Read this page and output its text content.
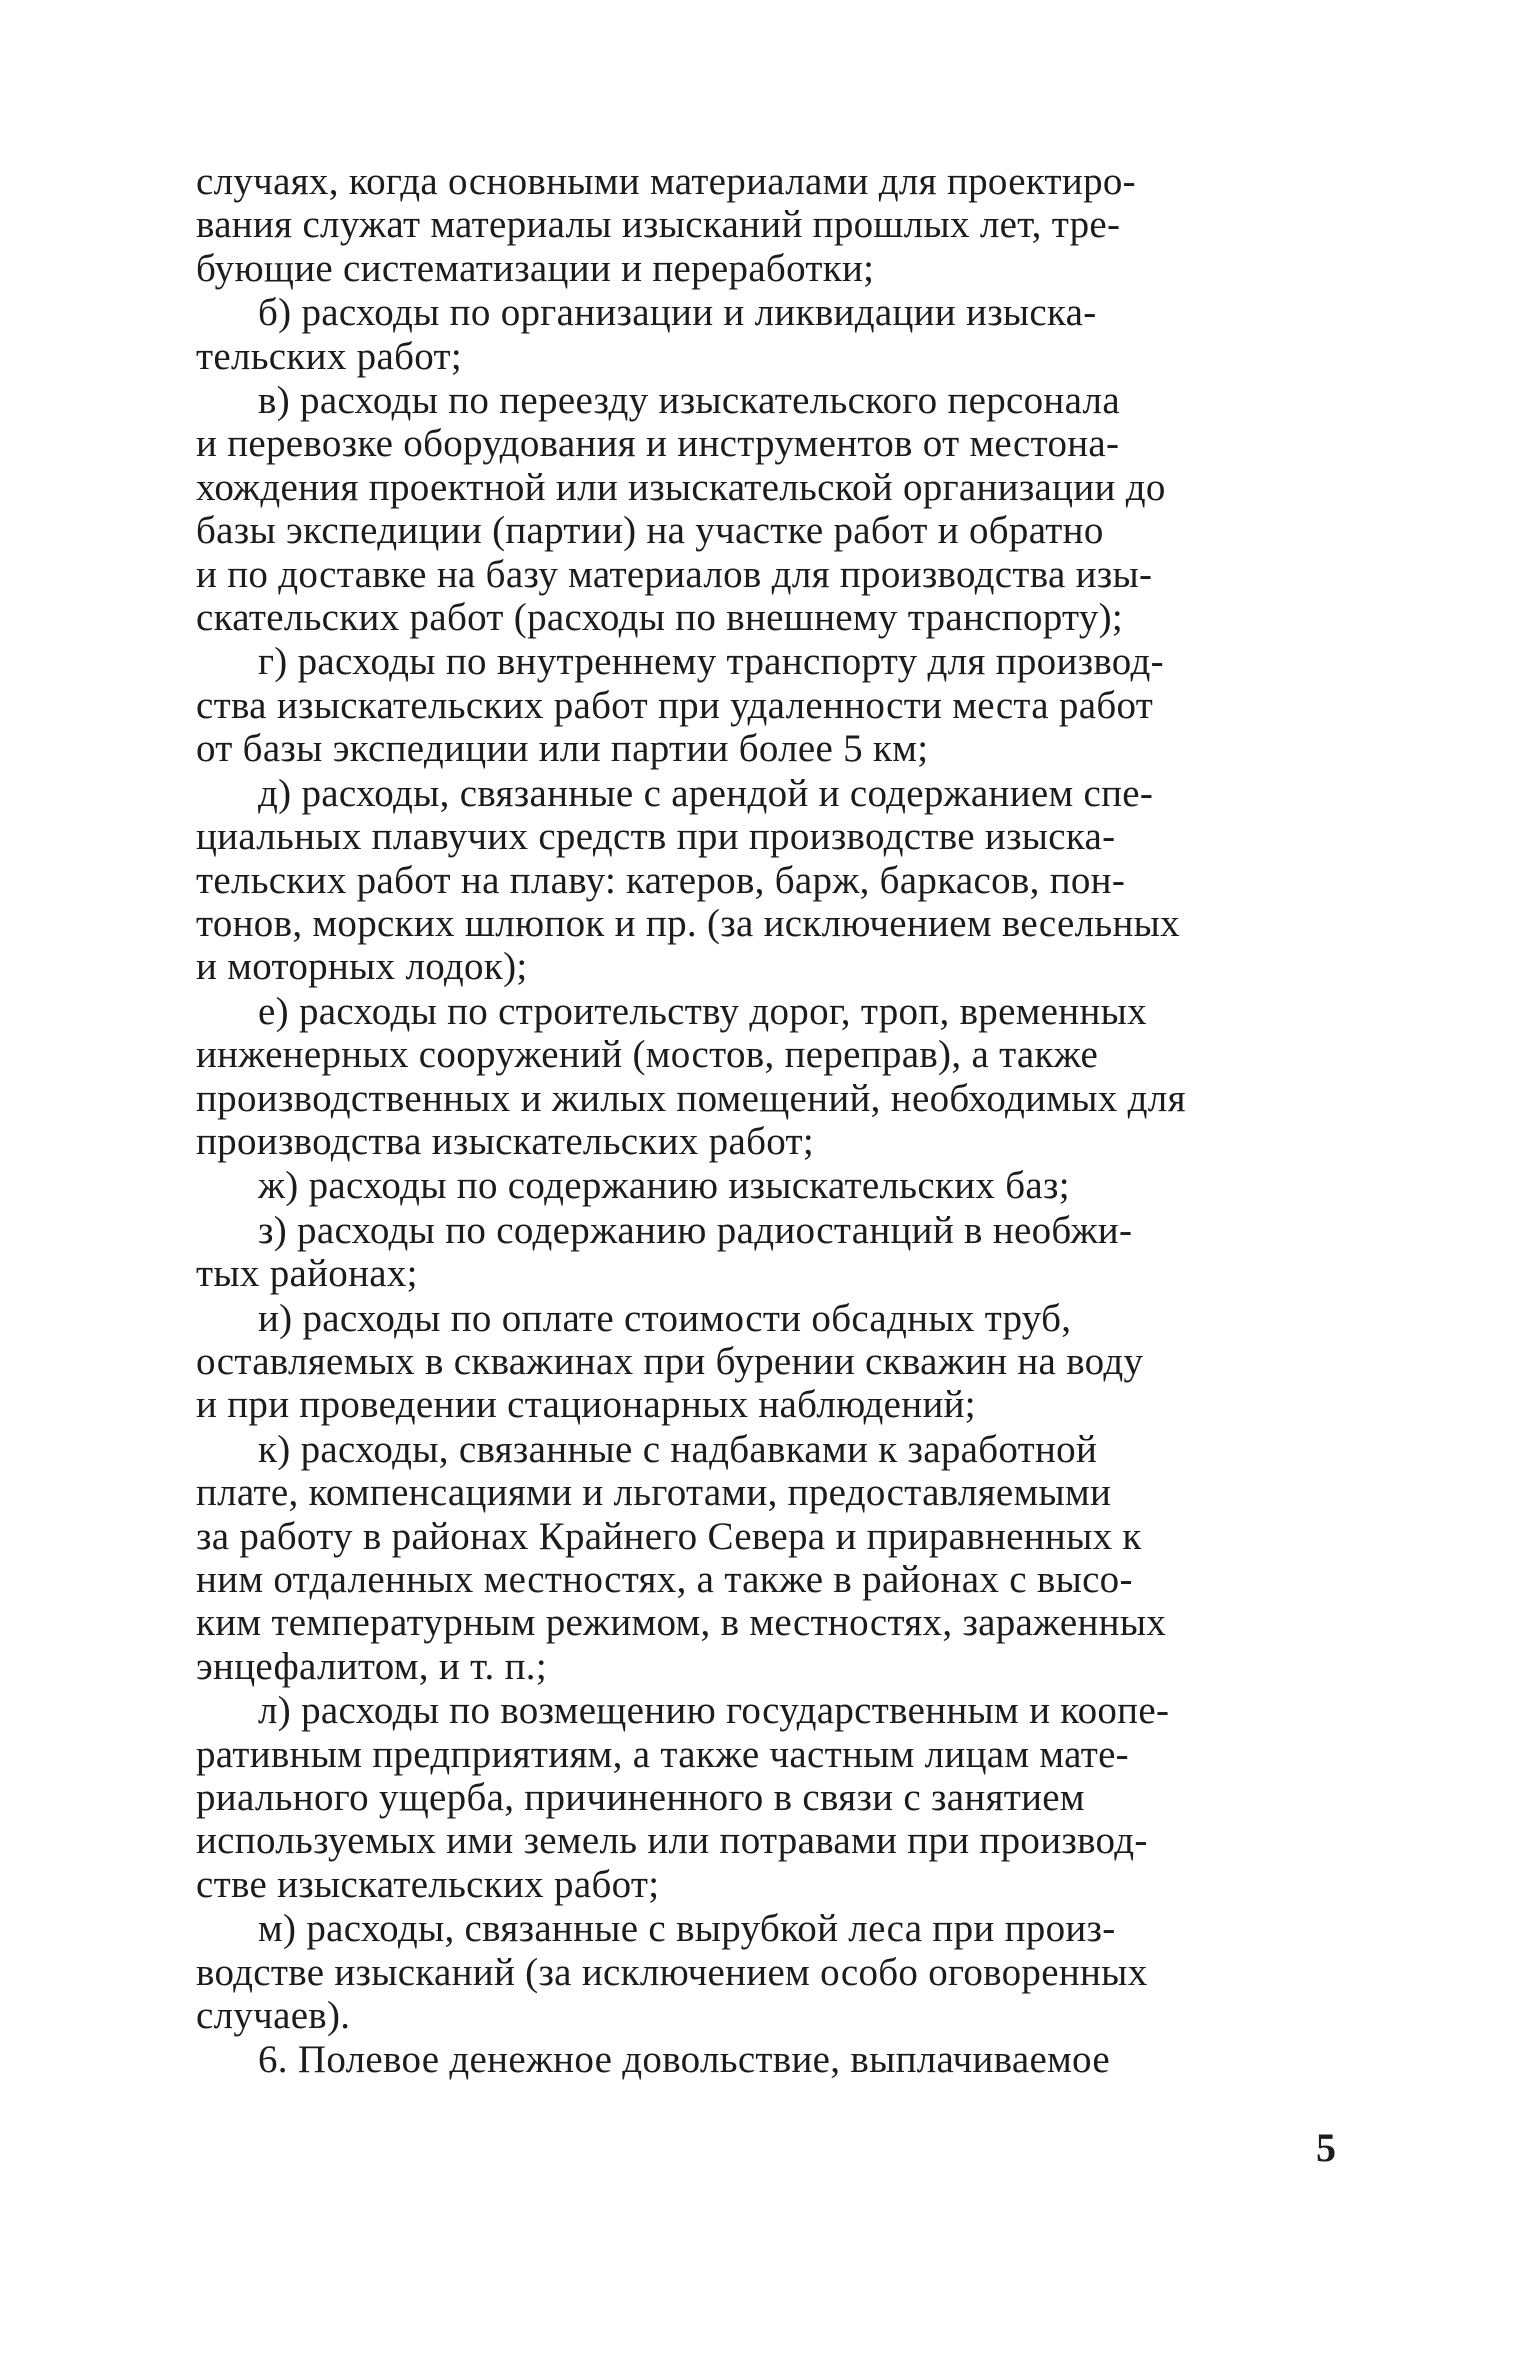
случаях, когда основными материалами для проектиро-
вания служат материалы изысканий прошлых лет, тре-
бующие систематизации и переработки;
б) расходы по организации и ликвидации изыска-
тельских работ;
в) расходы по переезду изыскательского персонала
и перевозке оборудования и инструментов от местона-
хождения проектной или изыскательской организации до
базы экспедиции (партии) на участке работ и обратно
и по доставке на базу материалов для производства изы-
скательских работ (расходы по внешнему транспорту);
г) расходы по внутреннему транспорту для производ-
ства изыскательских работ при удаленности места работ
от базы экспедиции или партии более 5 км;
д) расходы, связанные с арендой и содержанием спе-
циальных плавучих средств при производстве изыска-
тельских работ на плаву: катеров, барж, баркасов, пон-
тонов, морских шлюпок и пр. (за исключением весельных
и моторных лодок);
е) расходы по строительству дорог, троп, временных
инженерных сооружений (мостов, переправ), а также
производственных и жилых помещений, необходимых для
производства изыскательских работ;
ж) расходы по содержанию изыскательских баз;
з) расходы по содержанию радиостанций в необжи-
тых районах;
и) расходы по оплате стоимости обсадных труб,
оставляемых в скважинах при бурении скважин на воду
и при проведении стационарных наблюдений;
к) расходы, связанные с надбавками к заработной
плате, компенсациями и льготами, предоставляемыми
за работу в районах Крайнего Севера и приравненных к
ним отдаленных местностях, а также в районах с высо-
ким температурным режимом, в местностях, зараженных
энцефалитом, и т. п.;
л) расходы по возмещению государственным и коопе-
ративным предприятиям, а также частным лицам мате-
риального ущерба, причиненного в связи с занятием
используемых ими земель или потравами при производ-
стве изыскательских работ;
м) расходы, связанные с вырубкой леса при произ-
водстве изысканий (за исключением особо оговоренных
случаев).
6. Полевое денежное довольствие, выплачиваемое
5
